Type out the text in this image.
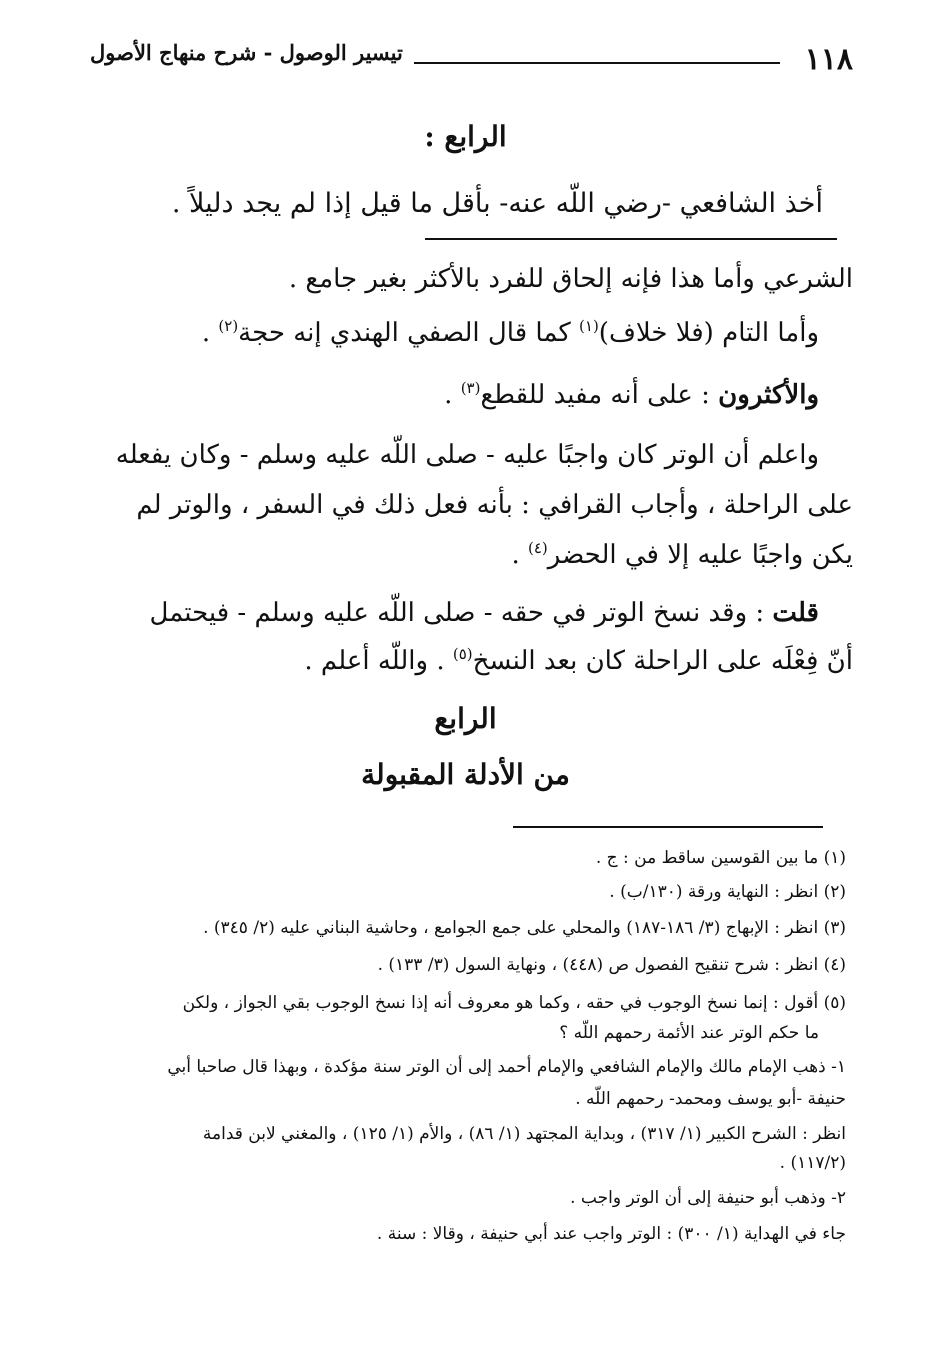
١١٨
تيسير الوصول - شرح منهاج الأصول
الرابع :
أخذ الشافعي -رضي اللّه عنه- بأقل ما قيل إذا لم يجد دليلاً .
الشرعي وأما هذا فإنه إلحاق للفرد بالأكثر بغير جامع .
وأما التام (فلا خلاف)$^{(١)}$ كما قال الصفي الهندي إنه حجة$^{(٢)}$ .
والأكثرون : على أنه مفيد للقطع$^{(٣)}$ .
واعلم أن الوتر كان واجبًا عليه - صلى اللّه عليه وسلم - وكان يفعله
على الراحلة ، وأجاب القرافي : بأنه فعل ذلك في السفر ، والوتر لم
يكن واجبًا عليه إلا في الحضر$^{(٤)}$ .
قلت : وقد نسخ الوتر في حقه - صلى اللّه عليه وسلم - فيحتمل
أنّ فِعْلَه على الراحلة كان بعد النسخ$^{(٥)}$ . واللّه أعلم .
الرابع
من الأدلة المقبولة
(١) ما بين القوسين ساقط من : ج .
(٢) انظر : النهاية ورقة (١٣٠/ب) .
(٣) انظر : الإبهاج (٣/ ١٨٦-١٨٧) والمحلي على جمع الجوامع ، وحاشية البناني عليه (٢/ ٣٤٥) .
(٤) انظر : شرح تنقيح الفصول ص (٤٤٨) ، ونهاية السول (٣/ ١٣٣) .
(٥) أقول : إنما نسخ الوجوب في حقه ، وكما هو معروف أنه إذا نسخ الوجوب بقي الجواز ، ولكن
ما حكم الوتر عند الأئمة رحمهم اللّه ؟
١- ذهب الإمام مالك والإمام الشافعي والإمام أحمد إلى أن الوتر سنة مؤكدة ، وبهذا قال صاحبا أبي
حنيفة -أبو يوسف ومحمد- رحمهم اللّه .
انظر : الشرح الكبير (١/ ٣١٧) ، وبداية المجتهد (١/ ٨٦) ، والأم (١/ ١٢٥) ، والمغني لابن قدامة
(١١٧/٢) .
٢- وذهب أبو حنيفة إلى أن الوتر واجب .
جاء في الهداية (١/ ٣٠٠) : الوتر واجب عند أبي حنيفة ، وقالا : سنة .
